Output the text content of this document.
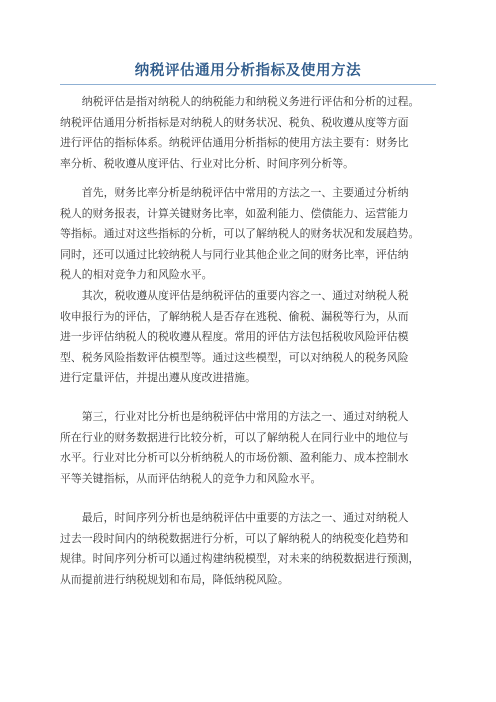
纳税评估通用分析指标及使用方法

　　纳税评估是指对纳税人的纳税能力和纳税义务进行评估和分析的过程。
纳税评估通用分析指标是对纳税人的财务状况、税负、税收遵从度等方面
进行评估的指标体系。纳税评估通用分析指标的使用方法主要有：财务比
率分析、税收遵从度评估、行业对比分析、时间序列分析等。

　　首先，财务比率分析是纳税评估中常用的方法之一、主要通过分析纳
税人的财务报表，计算关键财务比率，如盈利能力、偿债能力、运营能力
等指标。通过对这些指标的分析，可以了解纳税人的财务状况和发展趋势。
同时，还可以通过比较纳税人与同行业其他企业之间的财务比率，评估纳
税人的相对竞争力和风险水平。

　　其次，税收遵从度评估是纳税评估的重要内容之一、通过对纳税人税
收申报行为的评估，了解纳税人是否存在逃税、偷税、漏税等行为，从而
进一步评估纳税人的税收遵从程度。常用的评估方法包括税收风险评估模
型、税务风险指数评估模型等。通过这些模型，可以对纳税人的税务风险
进行定量评估，并提出遵从度改进措施。

　　第三，行业对比分析也是纳税评估中常用的方法之一、通过对纳税人
所在行业的财务数据进行比较分析，可以了解纳税人在同行业中的地位与
水平。行业对比分析可以分析纳税人的市场份额、盈利能力、成本控制水
平等关键指标，从而评估纳税人的竞争力和风险水平。

　　最后，时间序列分析也是纳税评估中重要的方法之一、通过对纳税人
过去一段时间内的纳税数据进行分析，可以了解纳税人的纳税变化趋势和
规律。时间序列分析可以通过构建纳税模型，对未来的纳税数据进行预测，
从而提前进行纳税规划和布局，降低纳税风险。
